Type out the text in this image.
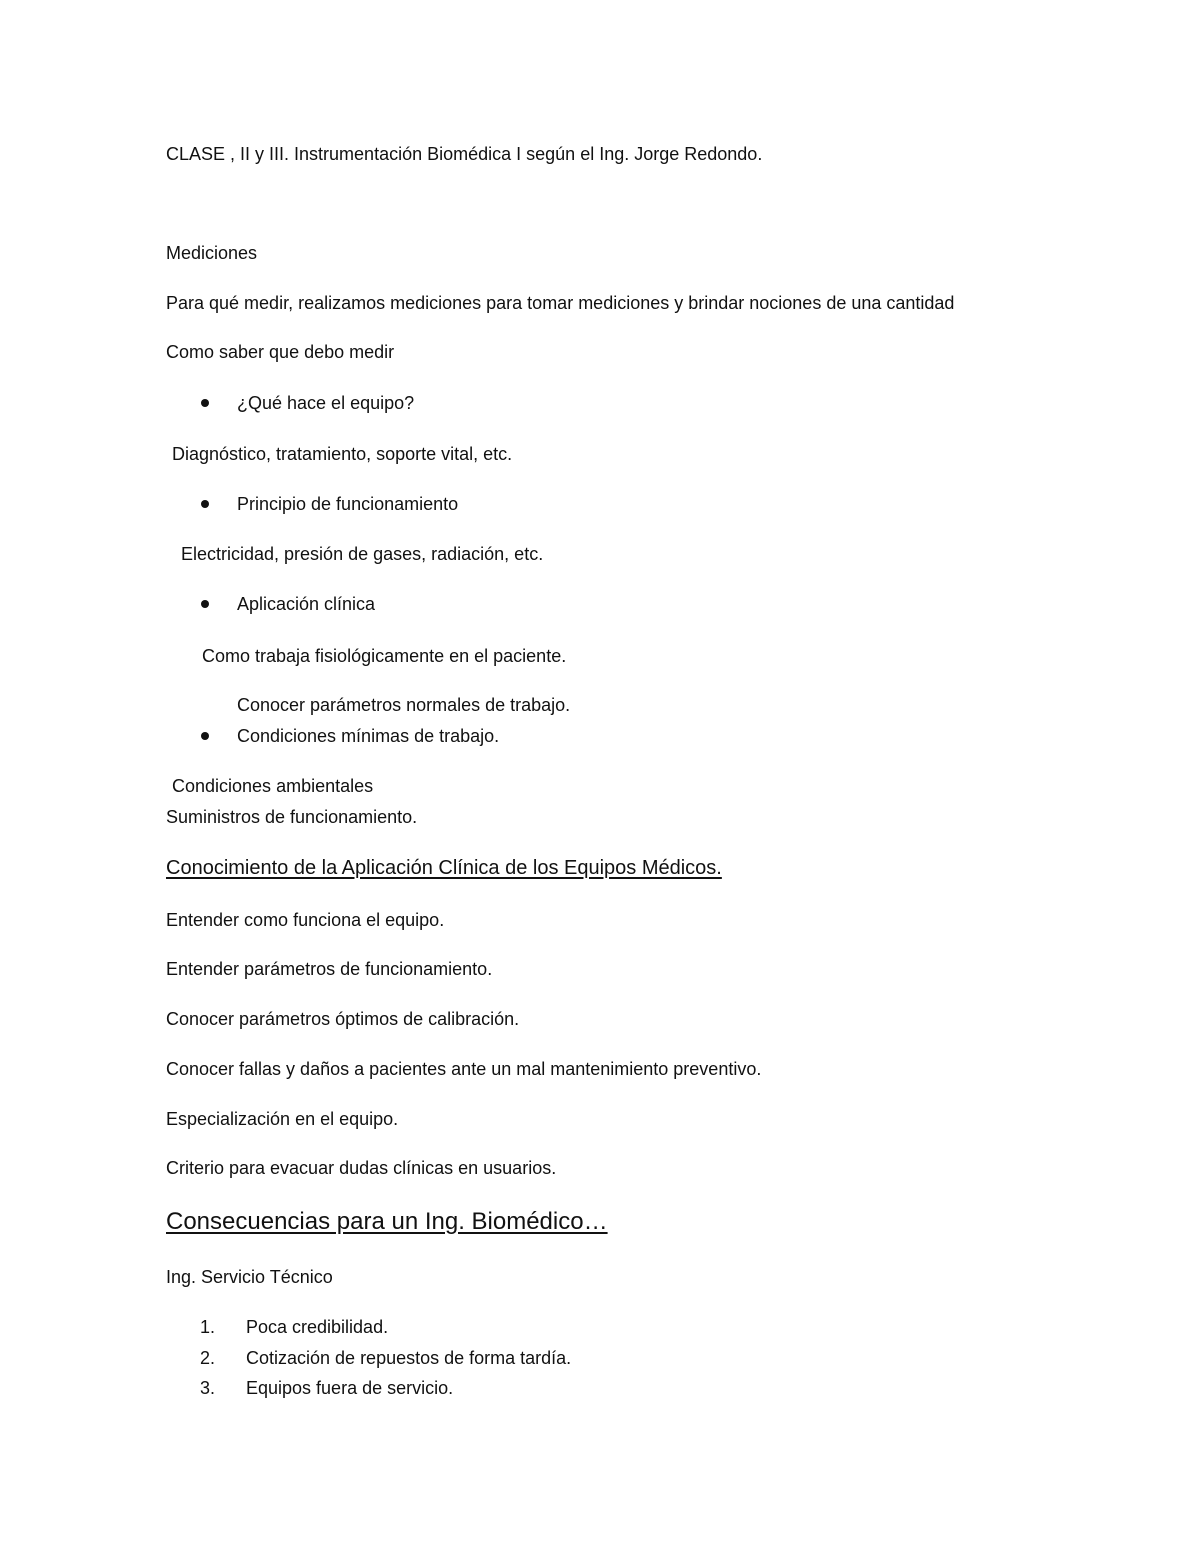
CLASE , II y III. Instrumentación Biomédica I según el Ing. Jorge Redondo.
Mediciones
Para qué medir, realizamos mediciones para tomar mediciones y brindar nociones de una cantidad
Como saber que debo medir
¿Qué hace el equipo?
Diagnóstico, tratamiento, soporte vital, etc.
Principio de funcionamiento
Electricidad, presión de gases, radiación, etc.
Aplicación clínica
Como trabaja fisiológicamente en el paciente.
Conocer parámetros normales de trabajo.
Condiciones mínimas de trabajo.
Condiciones ambientales
Suministros de funcionamiento.
Conocimiento de la Aplicación Clínica de los Equipos Médicos.
Entender como funciona el equipo.
Entender parámetros de funcionamiento.
Conocer parámetros óptimos de calibración.
Conocer fallas y daños a pacientes ante un mal mantenimiento preventivo.
Especialización en el equipo.
Criterio para evacuar dudas clínicas en usuarios.
Consecuencias para un Ing. Biomédico…
Ing. Servicio Técnico
1. Poca credibilidad.
2. Cotización de repuestos de forma tardía.
3. Equipos fuera de servicio.
